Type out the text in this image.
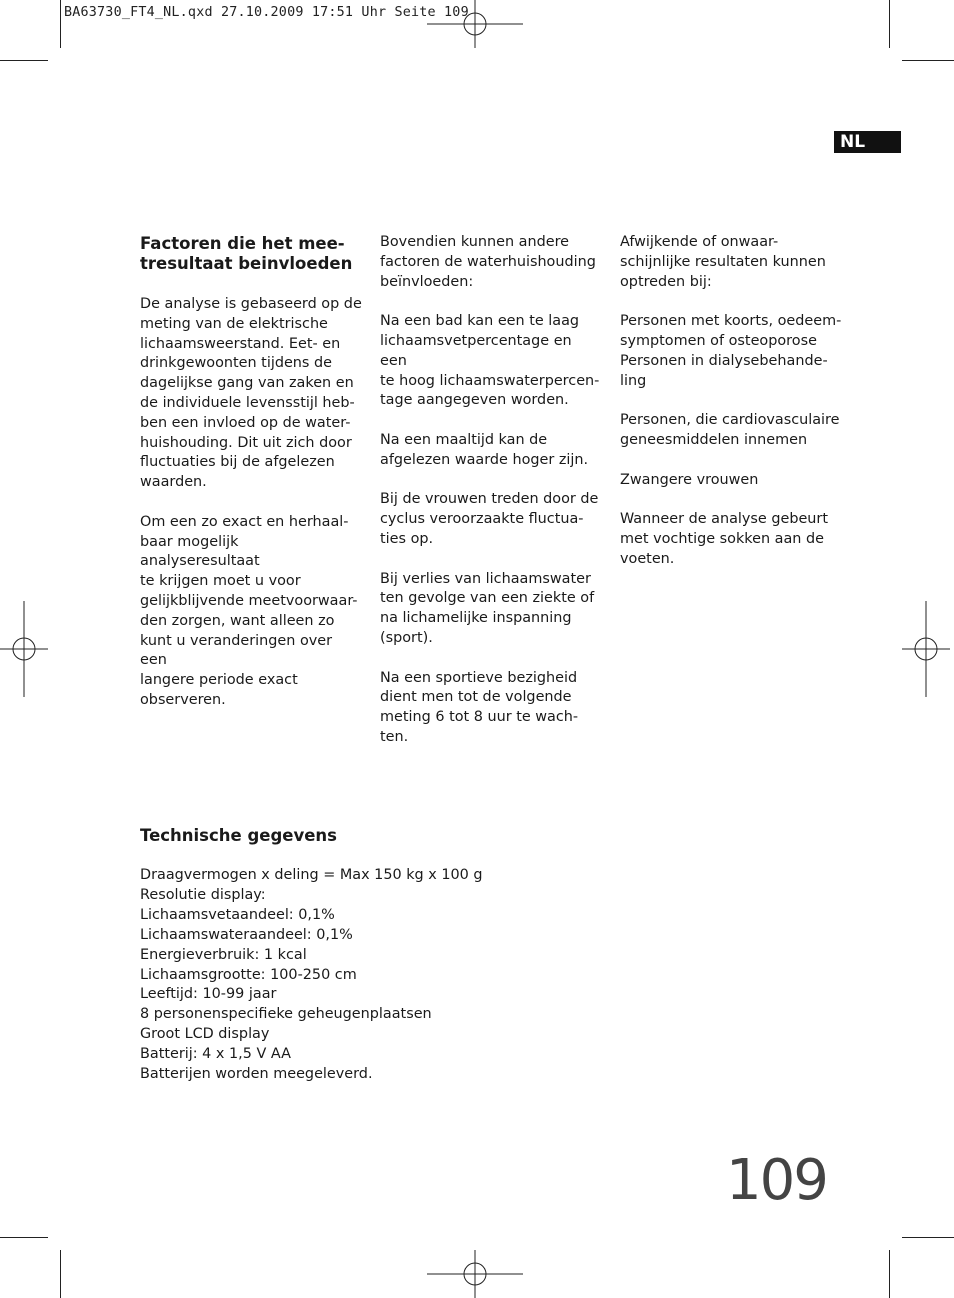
BA63730_FT4_NL.qxd 27.10.2009 17:51 Uhr Seite 109
NL
Factoren die het mee-
tresultaat beinvloeden

De analyse is gebaseerd op de
meting van de elektrische
lichaamsweerstand. Eet- en
drinkgewoonten tijdens de
dagelijkse gang van zaken en
de individuele levensstijl heb-
ben een invloed op de water-
huishouding. Dit uit zich door
fluctuaties bij de afgelezen
waarden.

Om een zo exact en herhaal-
baar mogelijk analyseresultaat
te krijgen moet u voor
gelijkblijvende meetvoorwaar-
den zorgen, want alleen zo
kunt u veranderingen over een
langere periode exact
observeren.

Bovendien kunnen andere
factoren de waterhuishouding
beïnvloeden:

Na een bad kan een te laag
lichaamsvetpercentage en een
te hoog lichaamswaterpercen-
tage aangegeven worden.

Na een maaltijd kan de
afgelezen waarde hoger zijn.

Bij de vrouwen treden door de
cyclus veroorzaakte fluctua-
ties op.

Bij verlies van lichaamswater
ten gevolge van een ziekte of
na lichamelijke inspanning
(sport).

Na een sportieve bezigheid
dient men tot de volgende
meting 6 tot 8 uur te wach-
ten.

Afwijkende of onwaar-
schijnlijke resultaten kunnen
optreden bij:

Personen met koorts, oedeem-
symptomen of osteoporose
Personen in dialysebehande-
ling

Personen, die cardiovasculaire
geneesmiddelen innemen

Zwangere vrouwen

Wanneer de analyse gebeurt
met vochtige sokken aan de
voeten.

Technische gegevens
Draagvermogen x deling = Max 150 kg x 100 g
Resolutie display:
Lichaamsvetaandeel: 0,1%
Lichaamswateraandeel: 0,1%
Energieverbruik: 1 kcal
Lichaamsgrootte: 100-250 cm
Leeftijd: 10-99 jaar
8 personenspecifieke geheugenplaatsen
Groot LCD display
Batterij: 4 x 1,5 V AA
Batterijen worden meegeleverd.
109
